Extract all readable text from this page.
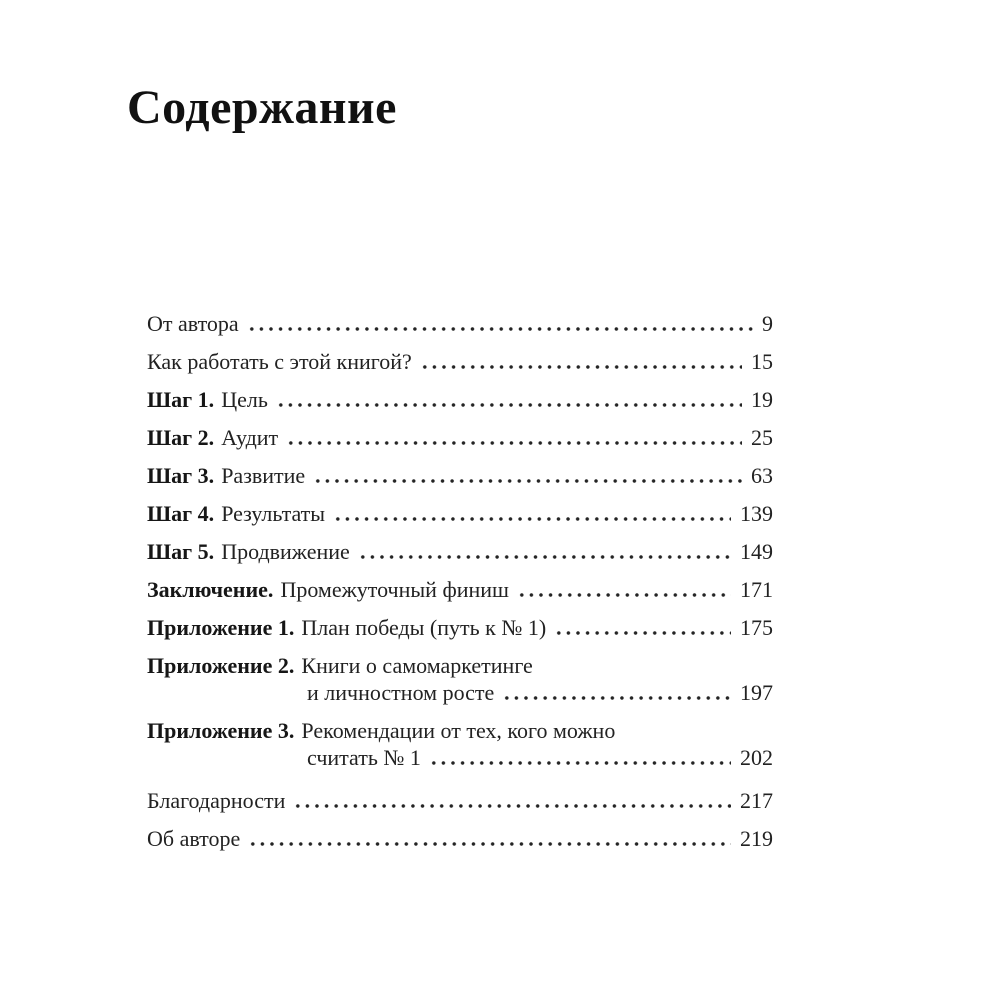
Содержание
От автора	9
Как работать с этой книгой?	15
Шаг 1. Цель	19
Шаг 2. Аудит	25
Шаг 3. Развитие	63
Шаг 4. Результаты	139
Шаг 5. Продвижение	149
Заключение. Промежуточный финиш	171
Приложение 1. План победы (путь к № 1)	175
Приложение 2. Книги о самомаркетинге
и личностном росте	197
Приложение 3. Рекомендации от тех, кого можно
считать № 1	202
Благодарности	217
Об авторе	219
